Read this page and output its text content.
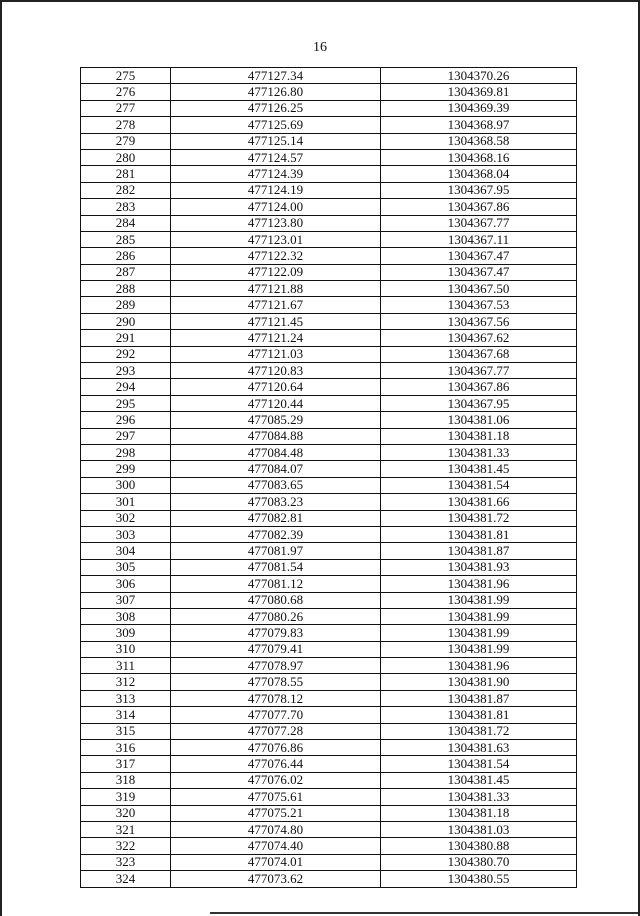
16
275	477127.34	1304370.26
276	477126.80	1304369.81
277	477126.25	1304369.39
278	477125.69	1304368.97
279	477125.14	1304368.58
280	477124.57	1304368.16
281	477124.39	1304368.04
282	477124.19	1304367.95
283	477124.00	1304367.86
284	477123.80	1304367.77
285	477123.01	1304367.11
286	477122.32	1304367.47
287	477122.09	1304367.47
288	477121.88	1304367.50
289	477121.67	1304367.53
290	477121.45	1304367.56
291	477121.24	1304367.62
292	477121.03	1304367.68
293	477120.83	1304367.77
294	477120.64	1304367.86
295	477120.44	1304367.95
296	477085.29	1304381.06
297	477084.88	1304381.18
298	477084.48	1304381.33
299	477084.07	1304381.45
300	477083.65	1304381.54
301	477083.23	1304381.66
302	477082.81	1304381.72
303	477082.39	1304381.81
304	477081.97	1304381.87
305	477081.54	1304381.93
306	477081.12	1304381.96
307	477080.68	1304381.99
308	477080.26	1304381.99
309	477079.83	1304381.99
310	477079.41	1304381.99
311	477078.97	1304381.96
312	477078.55	1304381.90
313	477078.12	1304381.87
314	477077.70	1304381.81
315	477077.28	1304381.72
316	477076.86	1304381.63
317	477076.44	1304381.54
318	477076.02	1304381.45
319	477075.61	1304381.33
320	477075.21	1304381.18
321	477074.80	1304381.03
322	477074.40	1304380.88
323	477074.01	1304380.70
324	477073.62	1304380.55
